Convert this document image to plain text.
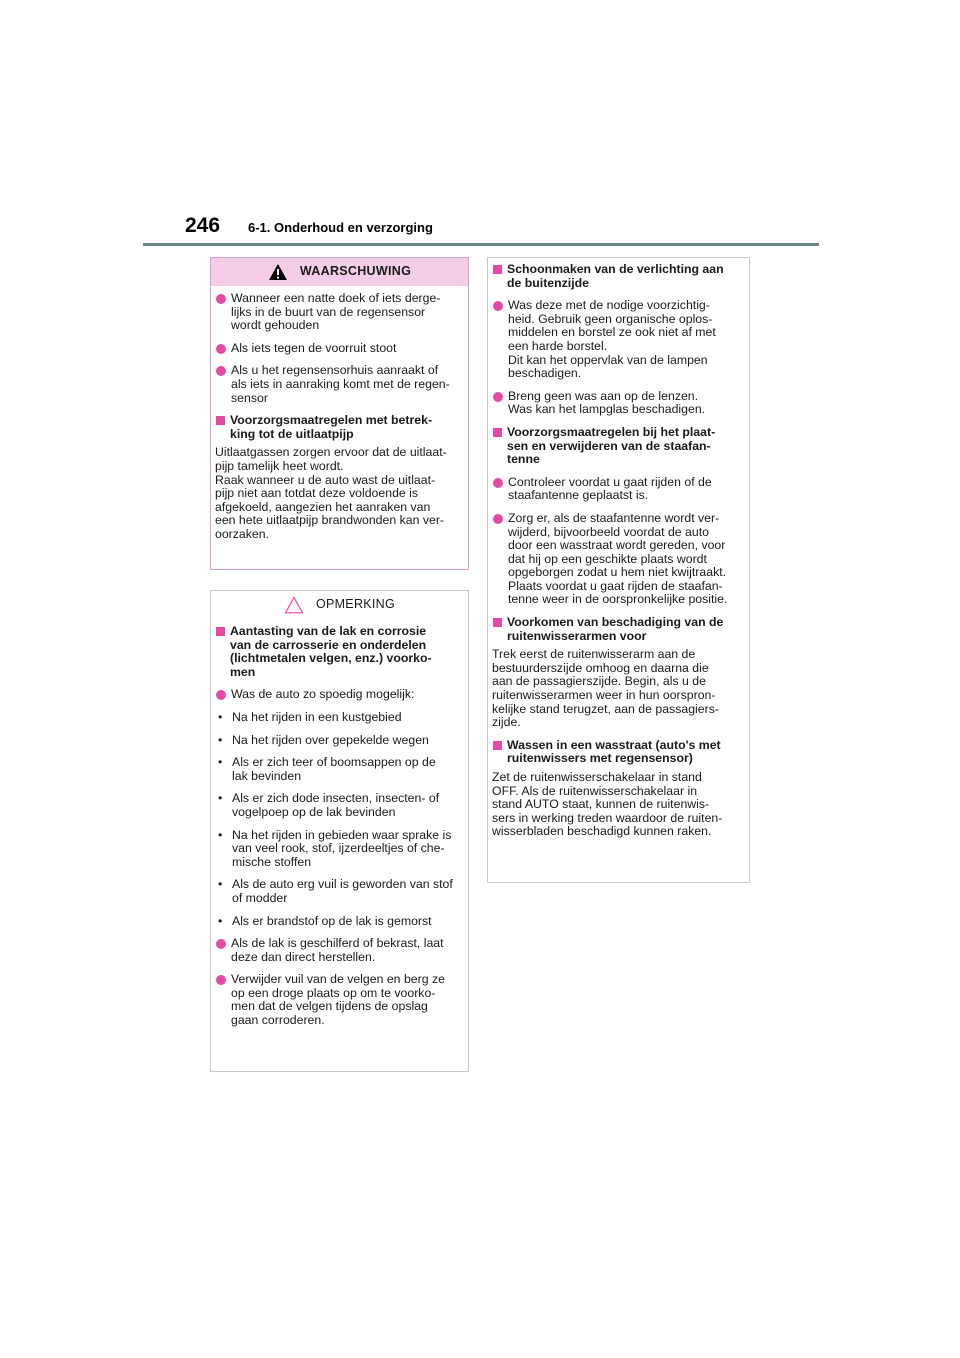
246 6-1. Onderhoud en verzorging
WAARSCHUWING
Wanneer een natte doek of iets derge-
lijks in de buurt van de regensensor
wordt gehouden
Als iets tegen de voorruit stoot
Als u het regensensorhuis aanraakt of
als iets in aanraking komt met de regen-
sensor
Voorzorgsmaatregelen met betrek-
king tot de uitlaatpijp
Uitlaatgassen zorgen ervoor dat de uitlaat-
pijp tamelijk heet wordt.
Raak wanneer u de auto wast de uitlaat-
pijp niet aan totdat deze voldoende is
afgekoeld, aangezien het aanraken van
een hete uitlaatpijp brandwonden kan ver-
oorzaken.
OPMERKING
Aantasting van de lak en corrosie
van de carrosserie en onderdelen
(lichtmetalen velgen, enz.) voorko-
men
Was de auto zo spoedig mogelijk:
• Na het rijden in een kustgebied
• Na het rijden over gepekelde wegen
• Als er zich teer of boomsappen op de
lak bevinden
• Als er zich dode insecten, insecten- of
vogelpoep op de lak bevinden
• Na het rijden in gebieden waar sprake is
van veel rook, stof, ijzerdeeltjes of che-
mische stoffen
• Als de auto erg vuil is geworden van stof
of modder
• Als er brandstof op de lak is gemorst
Als de lak is geschilferd of bekrast, laat
deze dan direct herstellen.
Verwijder vuil van de velgen en berg ze
op een droge plaats op om te voorko-
men dat de velgen tijdens de opslag
gaan corroderen.
Schoonmaken van de verlichting aan
de buitenzijde
Was deze met de nodige voorzichtig-
heid. Gebruik geen organische oplos-
middelen en borstel ze ook niet af met
een harde borstel.
Dit kan het oppervlak van de lampen
beschadigen.
Breng geen was aan op de lenzen.
Was kan het lampglas beschadigen.
Voorzorgsmaatregelen bij het plaat-
sen en verwijderen van de staafan-
tenne
Controleer voordat u gaat rijden of de
staafantenne geplaatst is.
Zorg er, als de staafantenne wordt ver-
wijderd, bijvoorbeeld voordat de auto
door een wasstraat wordt gereden, voor
dat hij op een geschikte plaats wordt
opgeborgen zodat u hem niet kwijtraakt.
Plaats voordat u gaat rijden de staafan-
tenne weer in de oorspronkelijke positie.
Voorkomen van beschadiging van de
ruitenwisserarmen voor
Trek eerst de ruitenwisserarm aan de
bestuurderszijde omhoog en daarna die
aan de passagierszijde. Begin, als u de
ruitenwisserarmen weer in hun oorspron-
kelijke stand terugzet, aan de passagiers-
zijde.
Wassen in een wasstraat (auto's met
ruitenwissers met regensensor)
Zet de ruitenwisserschakelaar in stand
OFF. Als de ruitenwisserschakelaar in
stand AUTO staat, kunnen de ruitenwis-
sers in werking treden waardoor de ruiten-
wisserbladen beschadigd kunnen raken.
